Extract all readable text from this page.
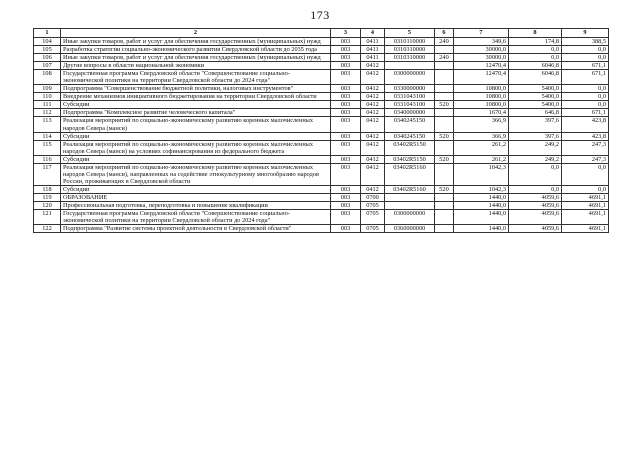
173
1	2	3	4	5	6	7	8	9
104	Иные закупки товаров, работ и услуг для обеспечения государственных (муниципальных) нужд	003	0411	0310110000	240	349,6	174,8	388,5
105	Разработка стратегии социально-экономического развития Свердловской области до 2035 года	003	0411	0310310000		30000,0	0,0	0,0
106	Иные закупки товаров, работ и услуг для обеспечения государственных (муниципальных) нужд	003	0411	0310310000	240	30000,0	0,0	0,0
107	Другие вопросы в области национальной экономики	003	0412			12470,4	6046,8	671,1
108	Государственная программа Свердловской области "Совершенствование социально-экономической политики на территории Свердловской области до 2024 года"	003	0412	0300000000		12470,4	6046,8	671,1
109	Подпрограмма "Совершенствование бюджетной политики, налоговых инструментов"	003	0412	0330000000		10800,0	5400,0	0,0
110	Внедрение механизмов инициативного бюджетирования на территории Свердловской области	003	0412	0331043100		10800,0	5400,0	0,0
111	Субсидии	003	0412	0331043100	520	10800,0	5400,0	0,0
112	Подпрограмма "Комплексное развитие человеческого капитала"	003	0412	0340000000		1670,4	646,8	671,1
113	Реализация мероприятий по социально-экономическому развитию коренных малочисленных народов Севера (манси)	003	0412	0340245150		366,9	397,6	423,8
114	Субсидии	003	0412	0340245150	520	366,9	397,6	423,8
115	Реализация мероприятий по социально-экономическому развитию коренных малочисленных народов Севера (манси) на условиях софинансирования из федерального бюджета	003	0412	03402R5150		261,2	249,2	247,3
116	Субсидии	003	0412	03402R5150	520	261,2	249,2	247,3
117	Реализация мероприятий по социально-экономическому развитию коренных малочисленных народов Севера (манси), направленных на содействие этнокультурному многообразию народов России, проживающих в Свердловской области	003	0412	03402R5160		1042,3	0,0	0,0
118	Субсидии	003	0412	03402R5160	520	1042,3	0,0	0,0
119	ОБРАЗОВАНИЕ	003	0700			1440,0	4059,6	4691,1
120	Профессиональная подготовка, переподготовка и повышение квалификации	003	0705			1440,0	4059,6	4691,1
121	Государственная программа Свердловской области "Совершенствование социально-экономической политики на территории Свердловской области до 2024 года"	003	0705	0300000000		1440,0	4059,6	4691,1
122	Подпрограмма "Развитие системы проектной деятельности в Свердловской области"	003	0705	0360000000		1440,0	4059,6	4691,1
